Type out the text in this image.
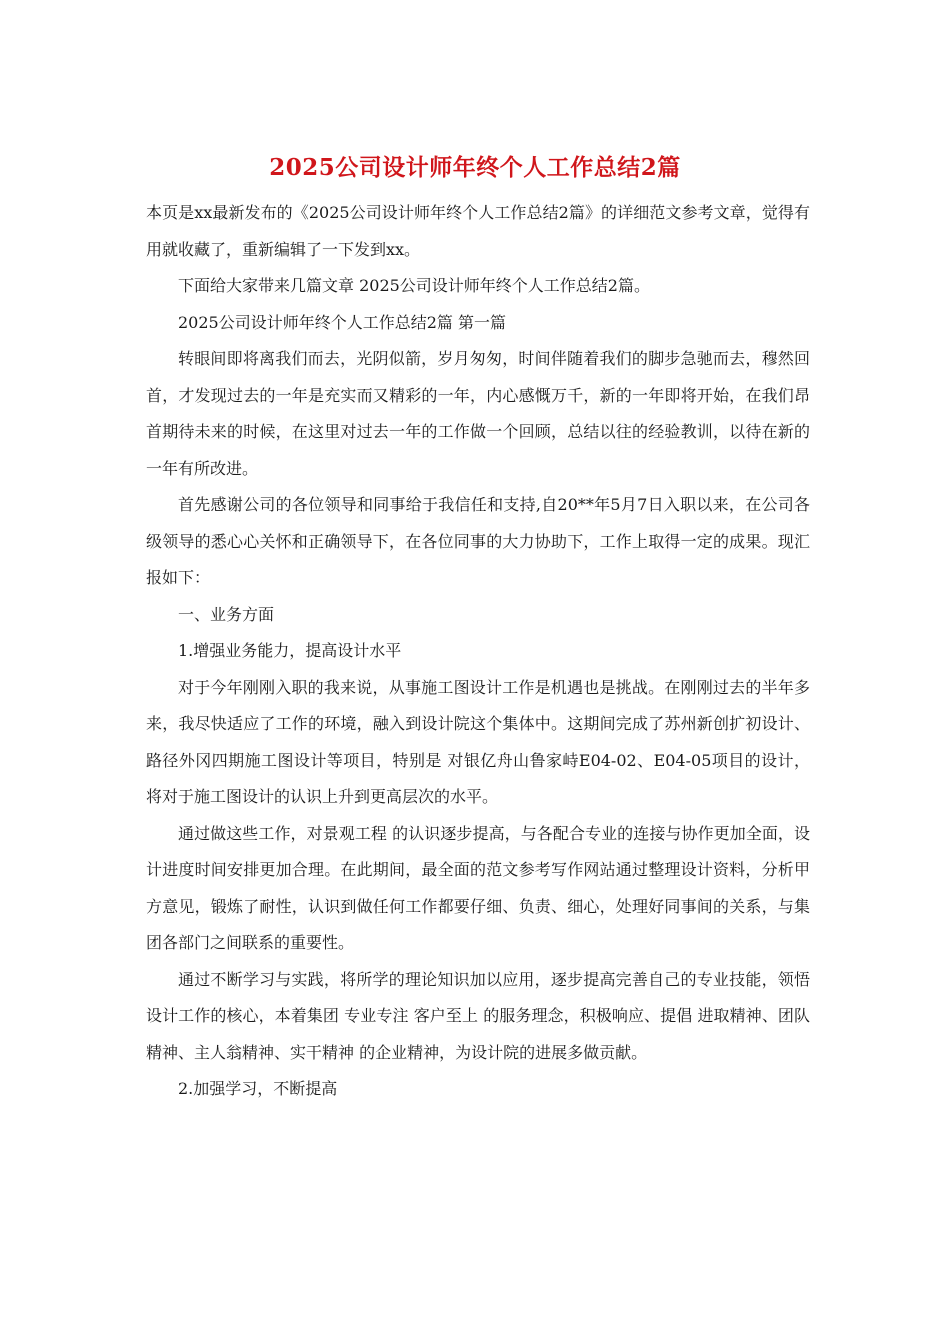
2025公司设计师年终个人工作总结2篇

本页是xx最新发布的《2025公司设计师年终个人工作总结2篇》的详细范文参考文章，觉得有用就收藏了，重新编辑了一下发到xx。

下面给大家带来几篇文章 2025公司设计师年终个人工作总结2篇。

2025公司设计师年终个人工作总结2篇 第一篇

转眼间即将离我们而去，光阴似箭，岁月匆匆，时间伴随着我们的脚步急驰而去，穆然回首，才发现过去的一年是充实而又精彩的一年，内心感慨万千，新的一年即将开始，在我们昂首期待未来的时候，在这里对过去一年的工作做一个回顾，总结以往的经验教训，以待在新的一年有所改进。

首先感谢公司的各位领导和同事给于我信任和支持,自20**年5月7日入职以来，在公司各级领导的悉心心关怀和正确领导下，在各位同事的大力协助下，工作上取得一定的成果。现汇报如下：

一、业务方面

1.增强业务能力，提高设计水平

对于今年刚刚入职的我来说，从事施工图设计工作是机遇也是挑战。在刚刚过去的半年多来，我尽快适应了工作的环境，融入到设计院这个集体中。这期间完成了苏州新创扩初设计、路径外冈四期施工图设计等项目，特别是 对银亿舟山鲁家峙E04-02、E04-05项目的设计，将对于施工图设计的认识上升到更高层次的水平。

通过做这些工作，对景观工程 的认识逐步提高，与各配合专业的连接与协作更加全面，设计进度时间安排更加合理。在此期间，最全面的范文参考写作网站通过整理设计资料，分析甲方意见，锻炼了耐性，认识到做任何工作都要仔细、负责、细心，处理好同事间的关系，与集团各部门之间联系的重要性。

通过不断学习与实践，将所学的理论知识加以应用，逐步提高完善自己的专业技能，领悟设计工作的核心，本着集团 专业专注 客户至上 的服务理念，积极响应、提倡 进取精神、团队精神、主人翁精神、实干精神 的企业精神，为设计院的进展多做贡献。

2.加强学习，不断提高
